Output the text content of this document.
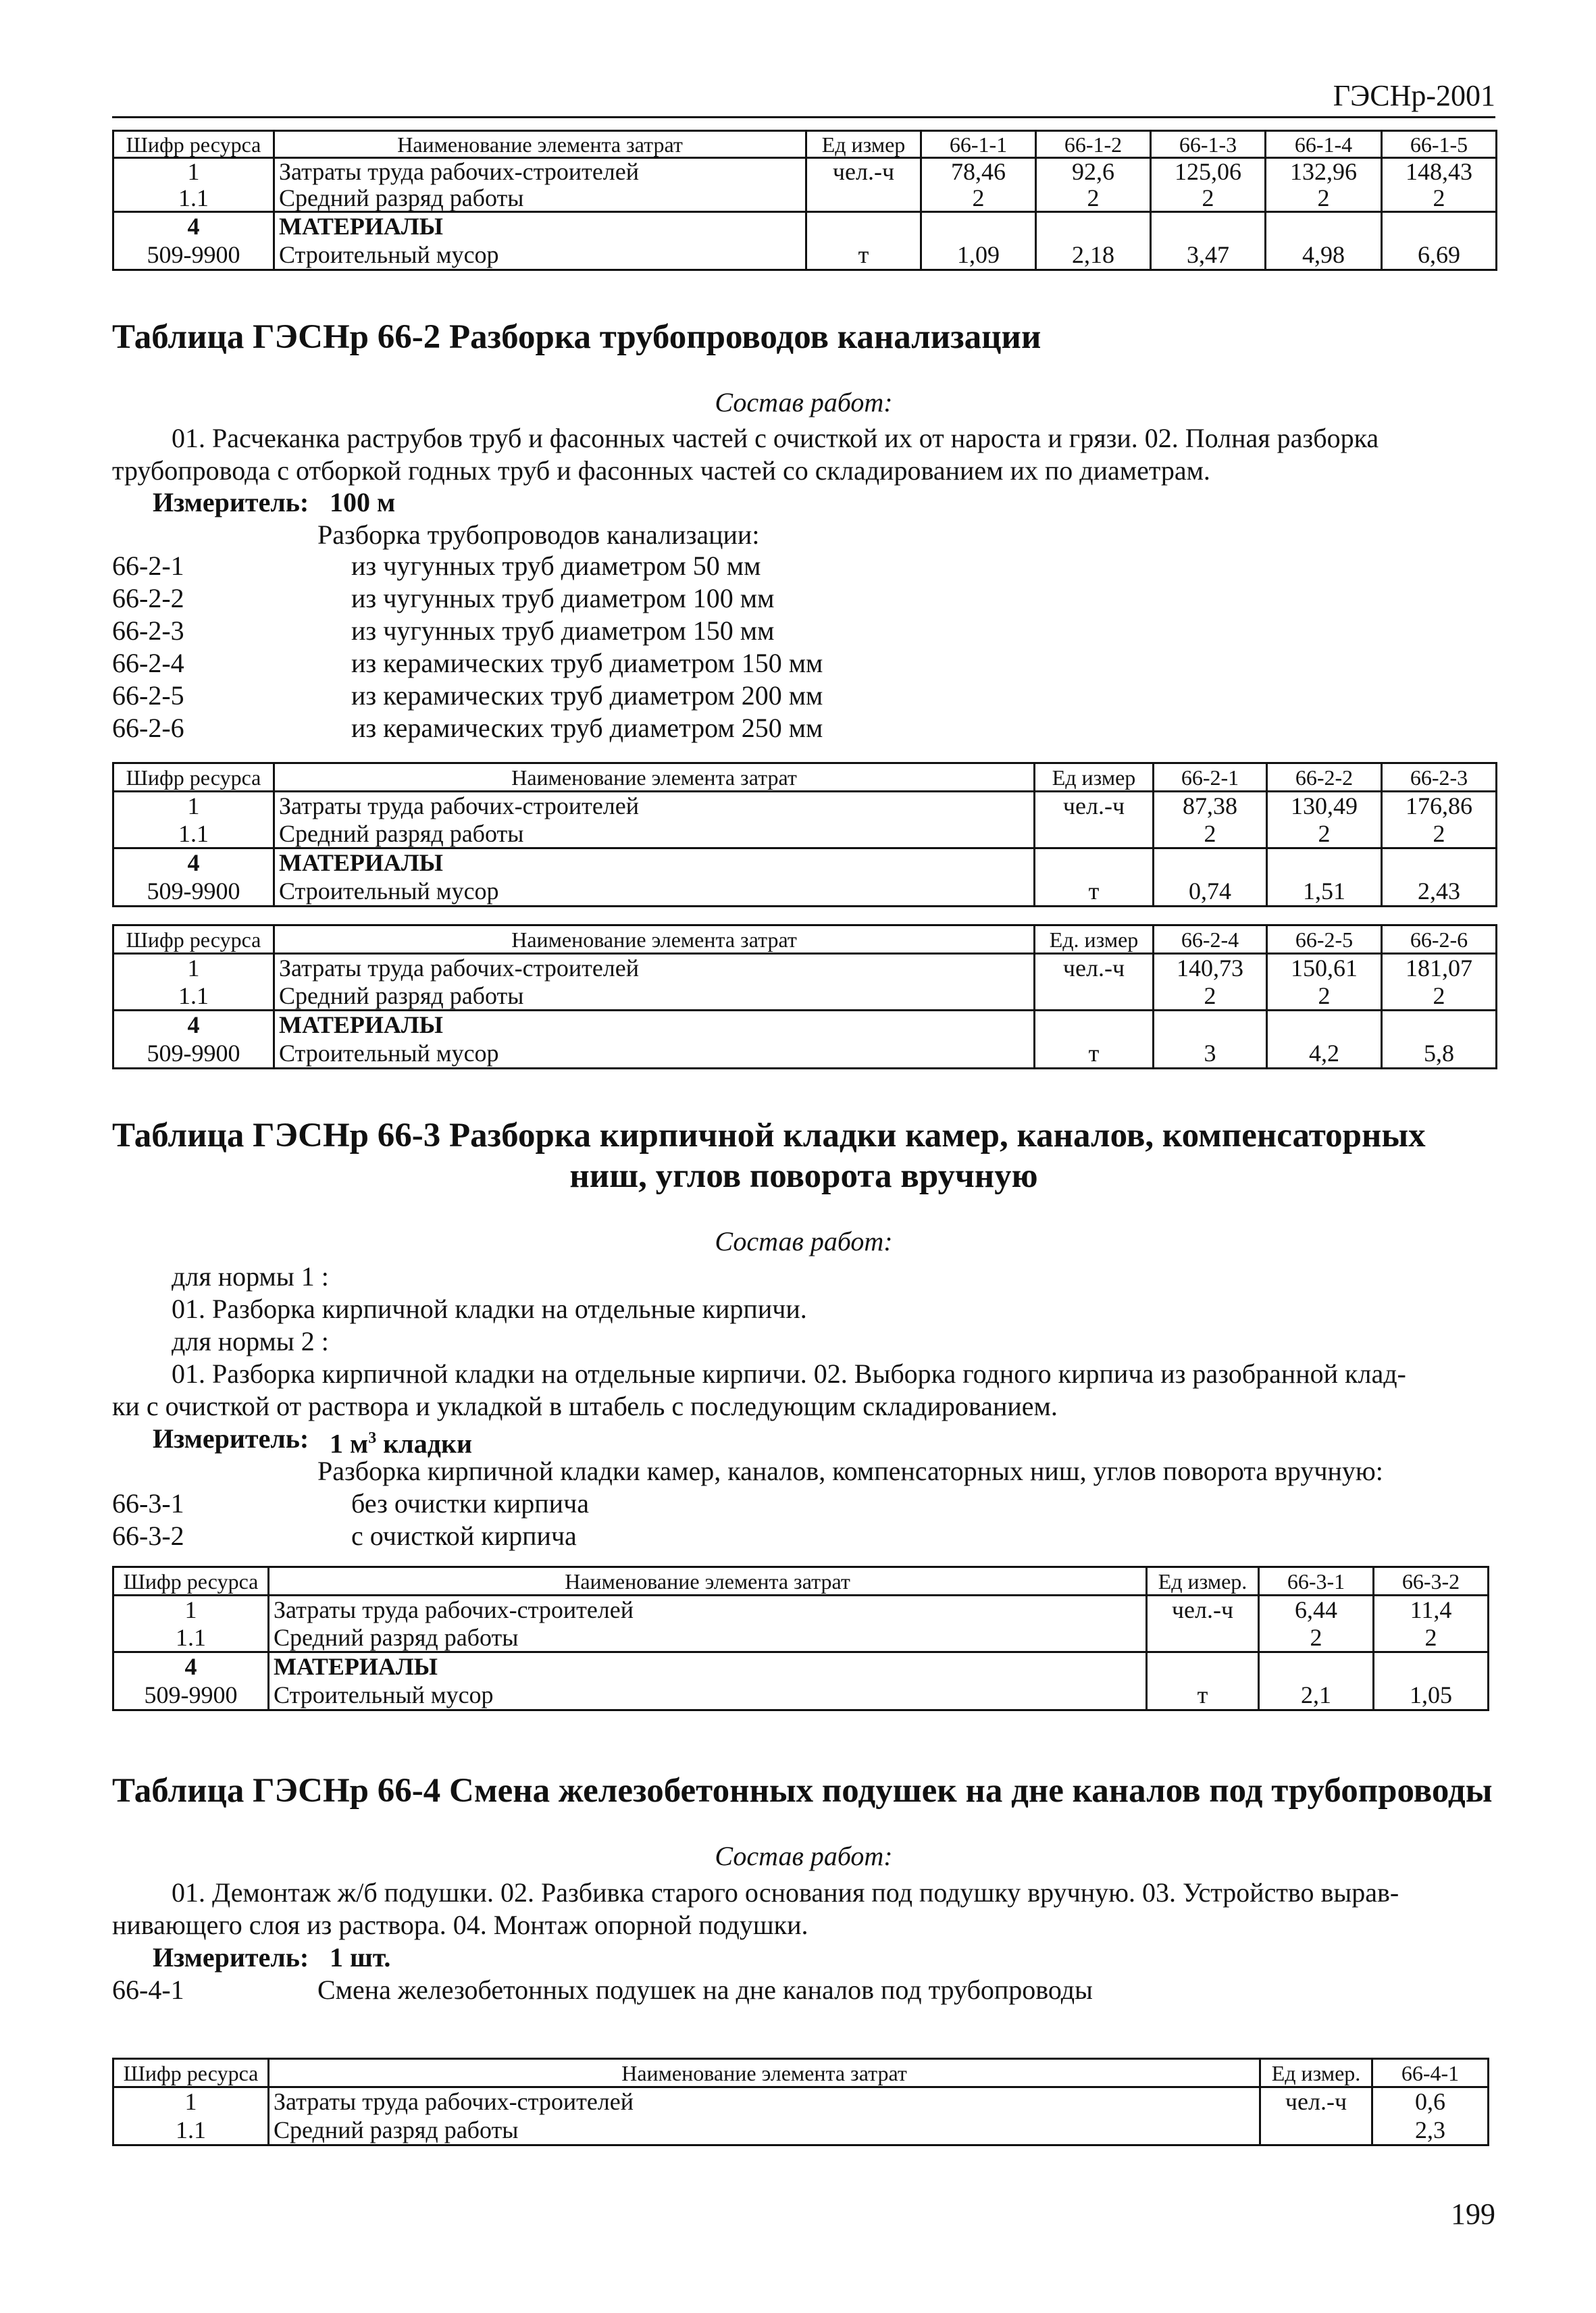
ГЭСНр-2001
Шифр ресурса	Наименование элемента затрат	Ед измер	66-1-1	66-1-2	66-1-3	66-1-4	66-1-5
1	Затраты труда рабочих-строителей	чел.-ч	78,46	92,6	125,06	132,96	148,43
1.1	Средний разряд работы		2	2	2	2	2
4	МАТЕРИАЛЫ						
509-9900	Строительный мусор	т	1,09	2,18	3,47	4,98	6,69
Таблица ГЭСНр 66-2 Разборка трубопроводов канализации
Состав работ:
01. Расчеканка раструбов труб и фасонных частей с очисткой их от нароста и грязи. 02. Полная разборка
трубопровода с отборкой годных труб и фасонных частей со складированием их по диаметрам.
Измеритель: 100 м
Разборка трубопроводов канализации:
66-2-1	из чугунных труб диаметром 50 мм
66-2-2	из чугунных труб диаметром 100 мм
66-2-3	из чугунных труб диаметром 150 мм
66-2-4	из керамических труб диаметром 150 мм
66-2-5	из керамических труб диаметром 200 мм
66-2-6	из керамических труб диаметром 250 мм
Шифр ресурса	Наименование элемента затрат	Ед измер	66-2-1	66-2-2	66-2-3
1	Затраты труда рабочих-строителей	чел.-ч	87,38	130,49	176,86
1.1	Средний разряд работы		2	2	2
4	МАТЕРИАЛЫ				
509-9900	Строительный мусор	т	0,74	1,51	2,43
Шифр ресурса	Наименование элемента затрат	Ед. измер	66-2-4	66-2-5	66-2-6
1	Затраты труда рабочих-строителей	чел.-ч	140,73	150,61	181,07
1.1	Средний разряд работы		2	2	2
4	МАТЕРИАЛЫ				
509-9900	Строительный мусор	т	3	4,2	5,8
Таблица ГЭСНр 66-3 Разборка кирпичной кладки камер, каналов, компенсаторных
ниш, углов поворота вручную
Состав работ:
для нормы 1 :
01. Разборка кирпичной кладки на отдельные кирпичи.
для нормы 2 :
01. Разборка кирпичной кладки на отдельные кирпичи. 02. Выборка годного кирпича из разобранной клад-
ки с очисткой от раствора и укладкой в штабель с последующим складированием.
Измеритель: 1 $м^3$ кладки
Разборка кирпичной кладки камер, каналов, компенсаторных ниш, углов поворота вручную:
66-3-1	без очистки кирпича
66-3-2	с очисткой кирпича
Шифр ресурса	Наименование элемента затрат	Ед измер.	66-3-1	66-3-2
1	Затраты труда рабочих-строителей	чел.-ч	6,44	11,4
1.1	Средний разряд работы		2	2
4	МАТЕРИАЛЫ			
509-9900	Строительный мусор	т	2,1	1,05
Таблица ГЭСНр 66-4 Смена железобетонных подушек на дне каналов под трубопроводы
Состав работ:
01. Демонтаж ж/б подушки. 02. Разбивка старого основания под подушку вручную. 03. Устройство вырав-
нивающего слоя из раствора. 04. Монтаж опорной подушки.
Измеритель: 1 шт.
66-4-1	Смена железобетонных подушек на дне каналов под трубопроводы
Шифр ресурса	Наименование элемента затрат	Ед измер.	66-4-1
1	Затраты труда рабочих-строителей	чел.-ч	0,6
1.1	Средний разряд работы		2,3
199
